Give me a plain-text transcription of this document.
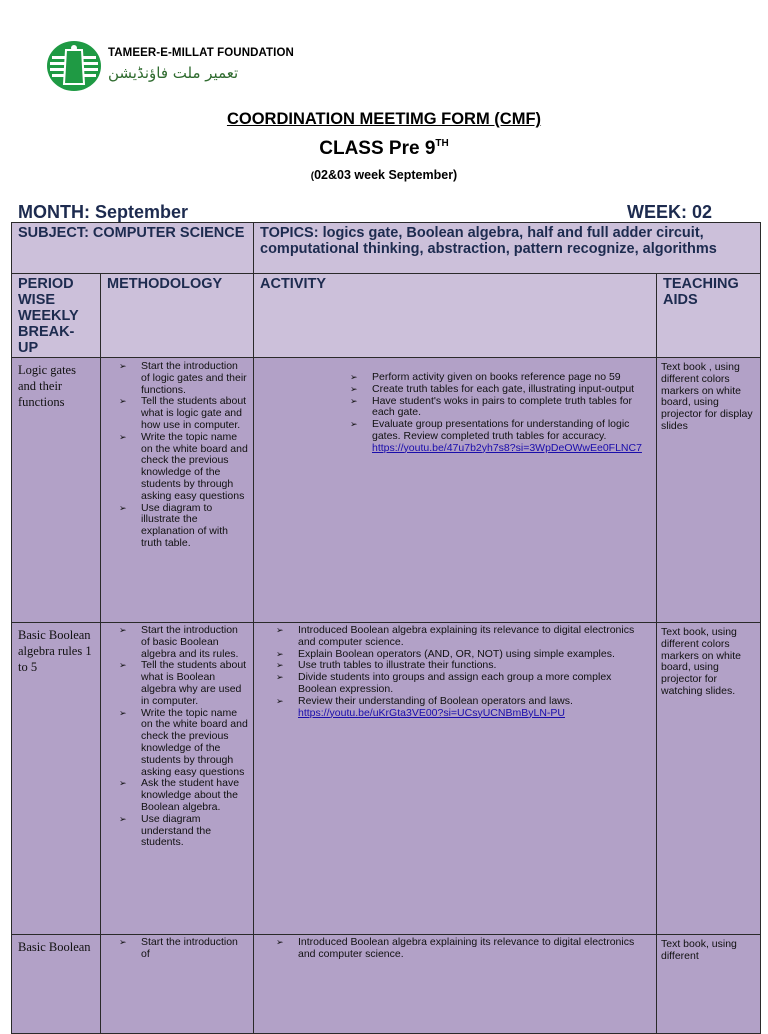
TAMEER-E-MILLAT FOUNDATION
تعمیر ملت فاؤنڈیشن
COORDINATION MEETIMG FORM (CMF)
CLASS Pre 9TH
(02&03 week September)
MONTH: September	WEEK: 02
SUBJECT: COMPUTER SCIENCE	TOPICS: logics gate, Boolean algebra, half and full adder circuit, computational thinking, abstraction, pattern recognize, algorithms
PERIOD WISE WEEKLY BREAK-UP
METHODOLOGY	ACTIVITY	TEACHING AIDS
Logic gates and their functions
➢ Start the introduction of logic gates and their functions.
➢ Tell the students about what is logic gate and how use in computer.
➢ Write the topic name on the white board and check the previous knowledge of the students by through asking easy questions
➢ Use diagram to illustrate the explanation of with truth table.
➢ Perform activity given on books reference page no 59
➢ Create truth tables for each gate, illustrating input-output
➢ Have student's woks in pairs to complete truth tables for each gate.
➢ Evaluate group presentations for understanding of logic gates. Review completed truth tables for accuracy.
https://youtu.be/47u7b2yh7s8?si=3WpDeOWwEe0FLNC7
Text book , using different colors markers on white board, using projector for display slides
Basic Boolean algebra rules 1 to 5
➢ Start the introduction of basic Boolean algebra and its rules.
➢ Tell the students about what is Boolean algebra why are used in computer.
➢ Write the topic name on the white board and check the previous knowledge of the students by through asking easy questions
➢ Ask the student have knowledge about the Boolean algebra.
➢ Use diagram understand the students.
➢ Introduced Boolean algebra explaining its relevance to digital electronics and computer science.
➢ Explain Boolean operators (AND, OR, NOT) using simple examples.
➢ Use truth tables to illustrate their functions.
➢ Divide students into groups and assign each group a more complex Boolean expression.
➢ Review their understanding of Boolean operators and laws.
https://youtu.be/uKrGta3VE00?si=UCsyUCNBmByLN-PU
Text book, using different colors markers on white board, using projector for watching slides.
Basic Boolean
➢	Start the introduction of
➢ Introduced Boolean algebra explaining its relevance to digital electronics and computer science.
Text book, using different
